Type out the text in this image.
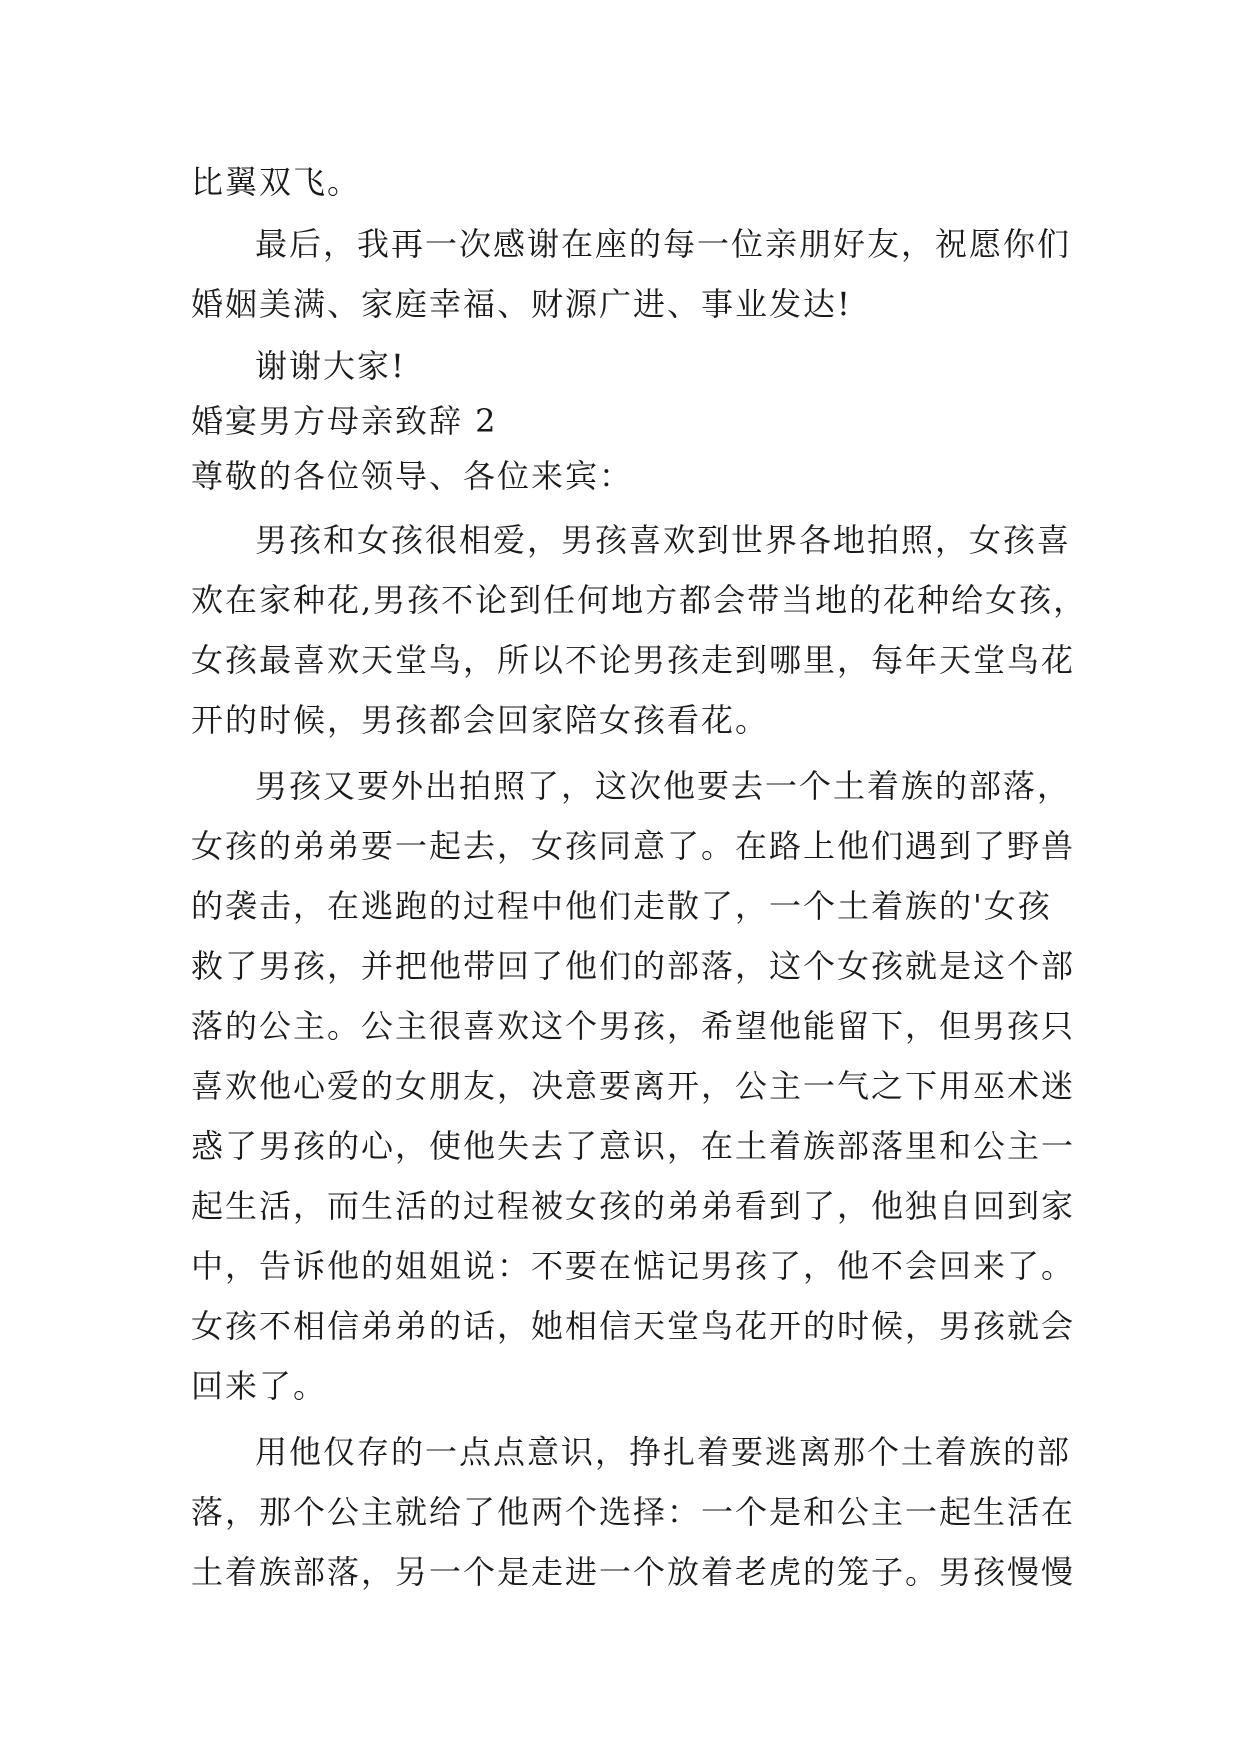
比翼双飞。
最后，我再一次感谢在座的每一位亲朋好友，祝愿你们
婚姻美满、家庭幸福、财源广进、事业发达!
谢谢大家!
婚宴男方母亲致辞 2
尊敬的各位领导、各位来宾：
男孩和女孩很相爱，男孩喜欢到世界各地拍照，女孩喜
欢在家种花,男孩不论到任何地方都会带当地的花种给女孩，
女孩最喜欢天堂鸟，所以不论男孩走到哪里，每年天堂鸟花
开的时候，男孩都会回家陪女孩看花。
男孩又要外出拍照了，这次他要去一个土着族的部落，
女孩的弟弟要一起去，女孩同意了。在路上他们遇到了野兽
的袭击，在逃跑的过程中他们走散了，一个土着族的'女孩
救了男孩，并把他带回了他们的部落，这个女孩就是这个部
落的公主。公主很喜欢这个男孩，希望他能留下，但男孩只
喜欢他心爱的女朋友，决意要离开，公主一气之下用巫术迷
惑了男孩的心，使他失去了意识，在土着族部落里和公主一
起生活，而生活的过程被女孩的弟弟看到了，他独自回到家
中，告诉他的姐姐说：不要在惦记男孩了，他不会回来了。
女孩不相信弟弟的话，她相信天堂鸟花开的时候，男孩就会
回来了。
用他仅存的一点点意识，挣扎着要逃离那个土着族的部
落，那个公主就给了他两个选择：一个是和公主一起生活在
土着族部落，另一个是走进一个放着老虎的笼子。男孩慢慢
